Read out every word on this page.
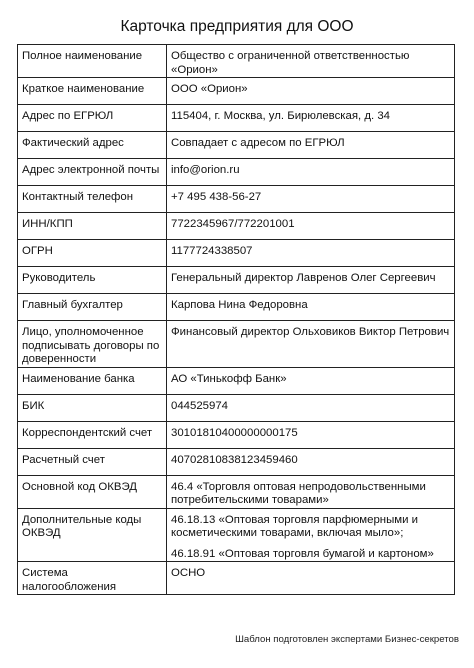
Карточка предприятия для ООО
Полное наименование	Общество с ограниченной ответственностью «Орион»

Краткое наименование	ООО «Орион»

Адрес по ЕГРЮЛ	115404, г. Москва, ул. Бирюлевская, д. 34

Фактический адрес	Совпадает с адресом по ЕГРЮЛ

Адрес электронной почты	info@orion.ru

Контактный телефон	+7 495 438-56-27

ИНН/КПП	7722345967/772201001

ОГРН	1177724338507

Руководитель	Генеральный директор Лавренов Олег Сергеевич

Главный бухгалтер	Карпова Нина Федоровна

Лицо, уполномоченное подписывать договоры по доверенности	Финансовый директор Ольховиков Виктор Петрович

Наименование банка	АО «Тинькофф Банк»

БИК	044525974

Корреспондентский счет	30101810400000000175

Расчетный счет	40702810838123459460

Основной код ОКВЭД	46.4 «Торговля оптовая непродовольственными потребительскими товарами»

Дополнительные коды ОКВЭД	46.18.13 «Оптовая торговля парфюмерными и косметическими товарами, включая мыло»;
46.18.91 «Оптовая торговля бумагой и картоном»

Система налогообложения	ОСНО
Шаблон подготовлен экспертами Бизнес-секретов
